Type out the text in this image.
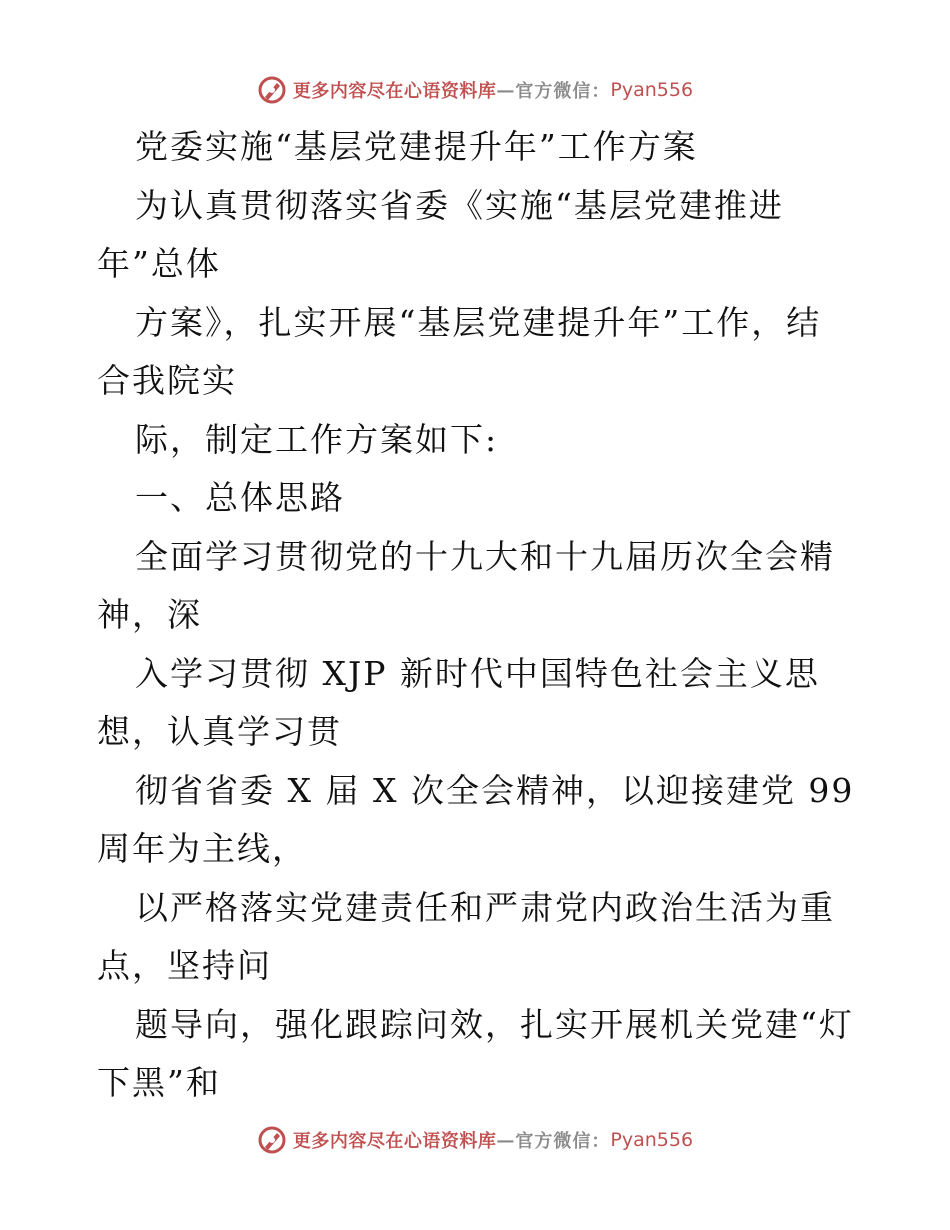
更多内容尽在心语资料库 — 官方微信： Pyan556
党委实施“基层党建提升年”工作方案
为认真贯彻落实省委《实施“基层党建推进
年”总体
方案》，扎实开展“基层党建提升年”工作，结
合我院实
际，制定工作方案如下:
一、总体思路
全面学习贯彻党的十九大和十九届历次全会精
神，深
入学习贯彻 XJP 新时代中国特色社会主义思
想，认真学习贯
彻省省委 X 届 X 次全会精神，以迎接建党 99
周年为主线，
以严格落实党建责任和严肃党内政治生活为重
点，坚持问
题导向，强化跟踪问效，扎实开展机关党建“灯
下黑”和
更多内容尽在心语资料库 — 官方微信： Pyan556
